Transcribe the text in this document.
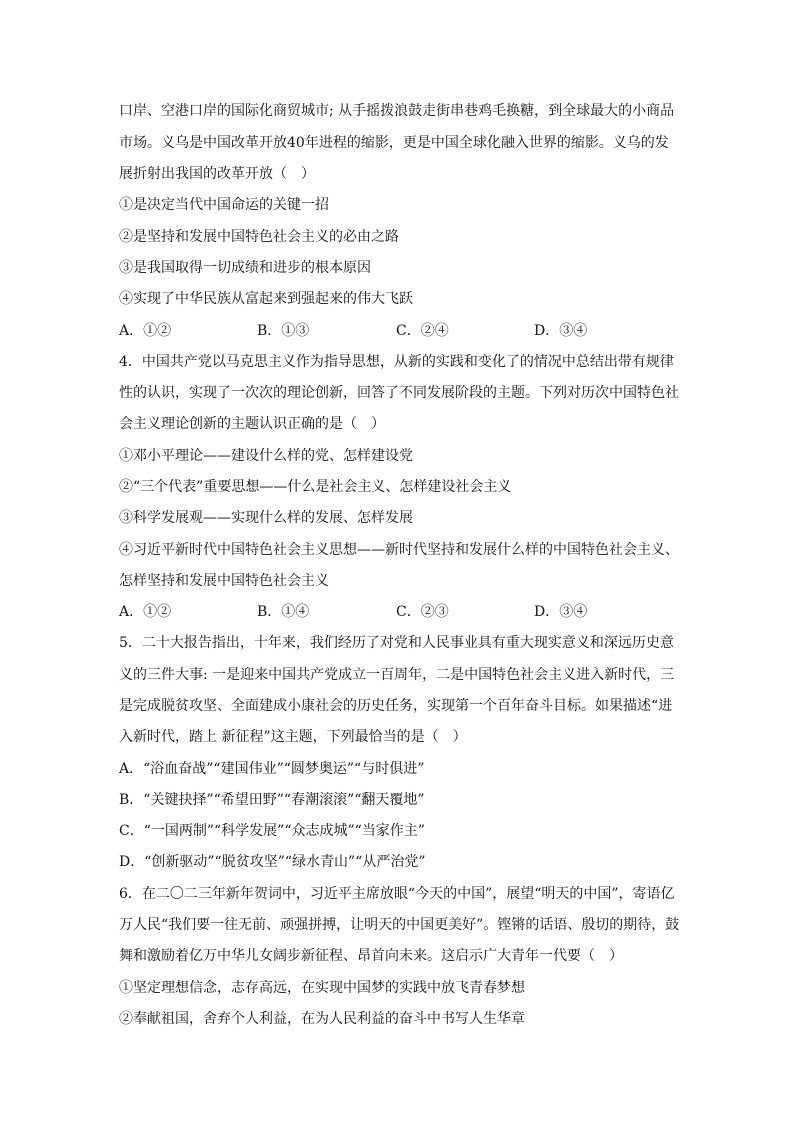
口岸、空港口岸的国际化商贸城市; 从手摇拨浪鼓走街串巷鸡毛换糖，到全球最大的小商品
市场。义乌是中国改革开放40年进程的缩影，更是中国全球化融入世界的缩影。义乌的发
展折射出我国的改革开放（　）
①是决定当代中国命运的关键一招
②是坚持和发展中国特色社会主义的必由之路
③是我国取得一切成绩和进步的根本原因
④实现了中华民族从富起来到强起来的伟大飞跃
A．①②	B．①③	C．②④	D．③④
4．中国共产党以马克思主义作为指导思想，从新的实践和变化了的情况中总结出带有规律
性的认识，实现了一次次的理论创新，回答了不同发展阶段的主题。下列对历次中国特色社
会主义理论创新的主题认识正确的是（　）
①邓小平理论——建设什么样的党、怎样建设党
②“三个代表”重要思想——什么是社会主义、怎样建设社会主义
③科学发展观——实现什么样的发展、怎样发展
④习近平新时代中国特色社会主义思想——新时代坚持和发展什么样的中国特色社会主义、
怎样坚持和发展中国特色社会主义
A．①②	B．①④	C．②③	D．③④
5．二十大报告指出，十年来，我们经历了对党和人民事业具有重大现实意义和深远历史意
义的三件大事: 一是迎来中国共产党成立一百周年，二是中国特色社会主义进入新时代，三
是完成脱贫攻坚、全面建成小康社会的历史任务，实现第一个百年奋斗目标。如果描述“进
入新时代，踏上 新征程”这主题，下列最恰当的是（　）
A．“浴血奋战”“建国伟业”“圆梦奥运”“与时俱进”
B．“关键抉择”“希望田野”“春潮滚滚”“翻天覆地”
C．“一国两制”“科学发展”“众志成城”“当家作主”
D．“创新驱动”“脱贫攻坚”“绿水青山”“从严治党”
6．在二〇二三年新年贺词中，习近平主席放眼“今天的中国”，展望“明天的中国”，寄语亿
万人民“我们要一往无前、顽强拼搏，让明天的中国更美好”。铿锵的话语、殷切的期待，鼓
舞和激励着亿万中华儿女阔步新征程、昂首向未来。这启示广大青年一代要（　）
①坚定理想信念，志存高远，在实现中国梦的实践中放飞青春梦想
②奉献祖国，舍弃个人利益，在为人民利益的奋斗中书写人生华章
